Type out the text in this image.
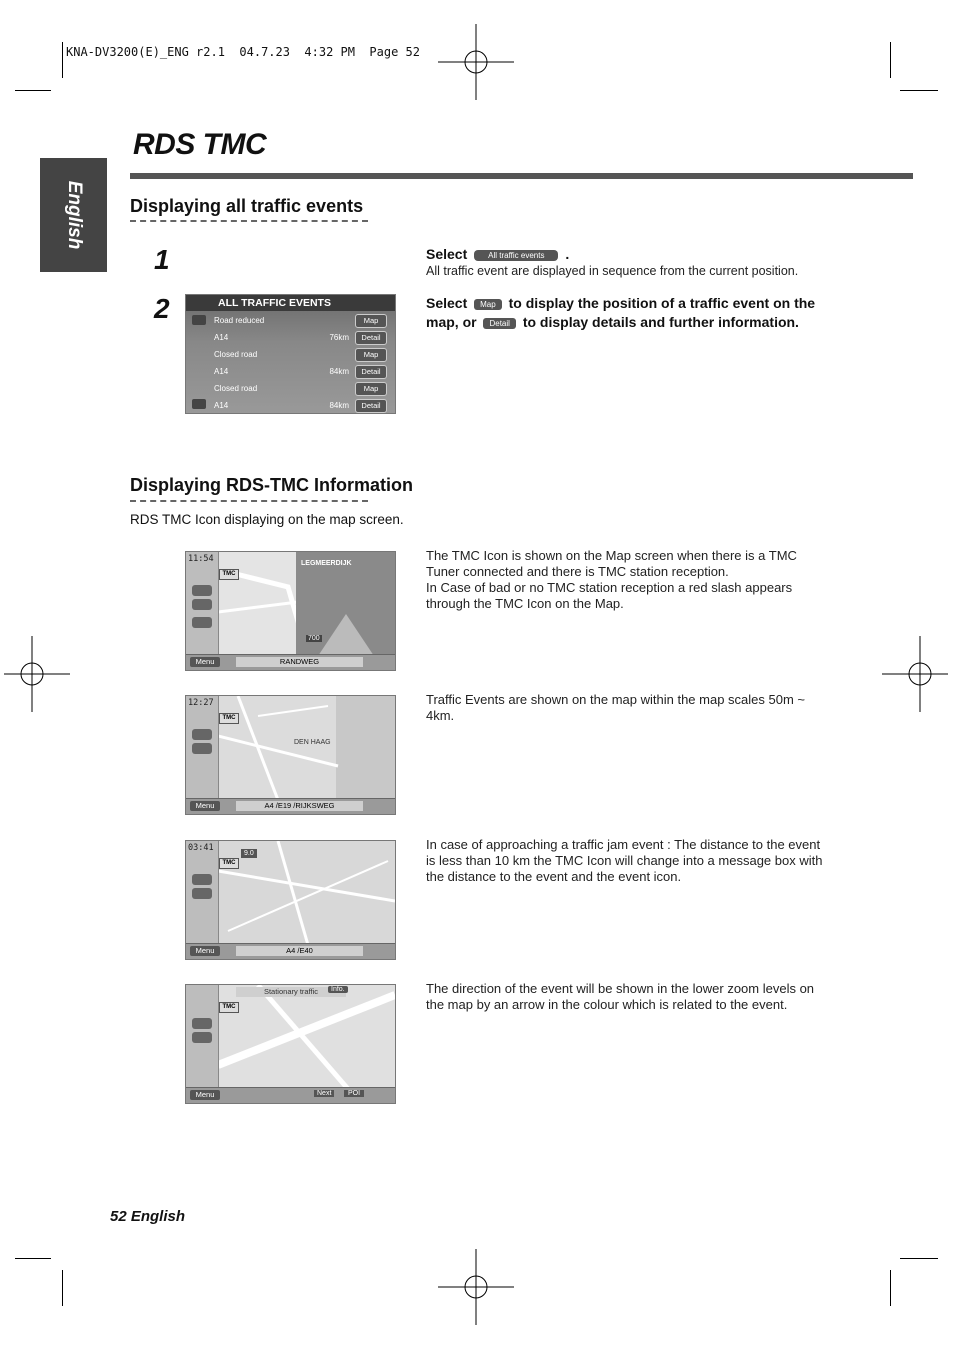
KNA-DV3200(E)_ENG r2.1  04.7.23  4:32 PM  Page 52
English
RDS TMC
Displaying all traffic events
1
2
Select	All traffic events .
All traffic event are displayed in sequence from the current position.
Select Map to display the position of a traffic event on the map, or Detail to display details and further information.
ALL TRAFFIC EVENTS
Road reduced	Map
A14	76km	Detail
Closed road	Map
A14	84km	Detail
Closed road	Map
A14	84km	Detail
Displaying RDS-TMC Information
RDS TMC Icon displaying on the map screen.
11:54
TMC
LEGMEERDIJK
700
Menu	RANDWEG
The TMC Icon is shown on the Map screen when there is a TMC Tuner connected and there is TMC station reception.
In Case of bad or no TMC station reception a red slash appears through the TMC Icon on the Map.
12:27
TMC
DEN HAAG
Menu	A4 /E19 /RIJKSWEG
Traffic Events are shown on the map within the map scales 50m ~ 4km.
03:41
TMC
9.0
Menu	A4 /E40
In case of approaching a traffic jam event : The distance to the event is less than 10 km the TMC Icon will change into a message box with the distance to the event and the event icon.
TMC
Stationary traffic	Info.
Menu	Next	POI
The direction of the event will be shown in the lower zoom levels on the map by an arrow in the colour which is related to the event.
52 English
